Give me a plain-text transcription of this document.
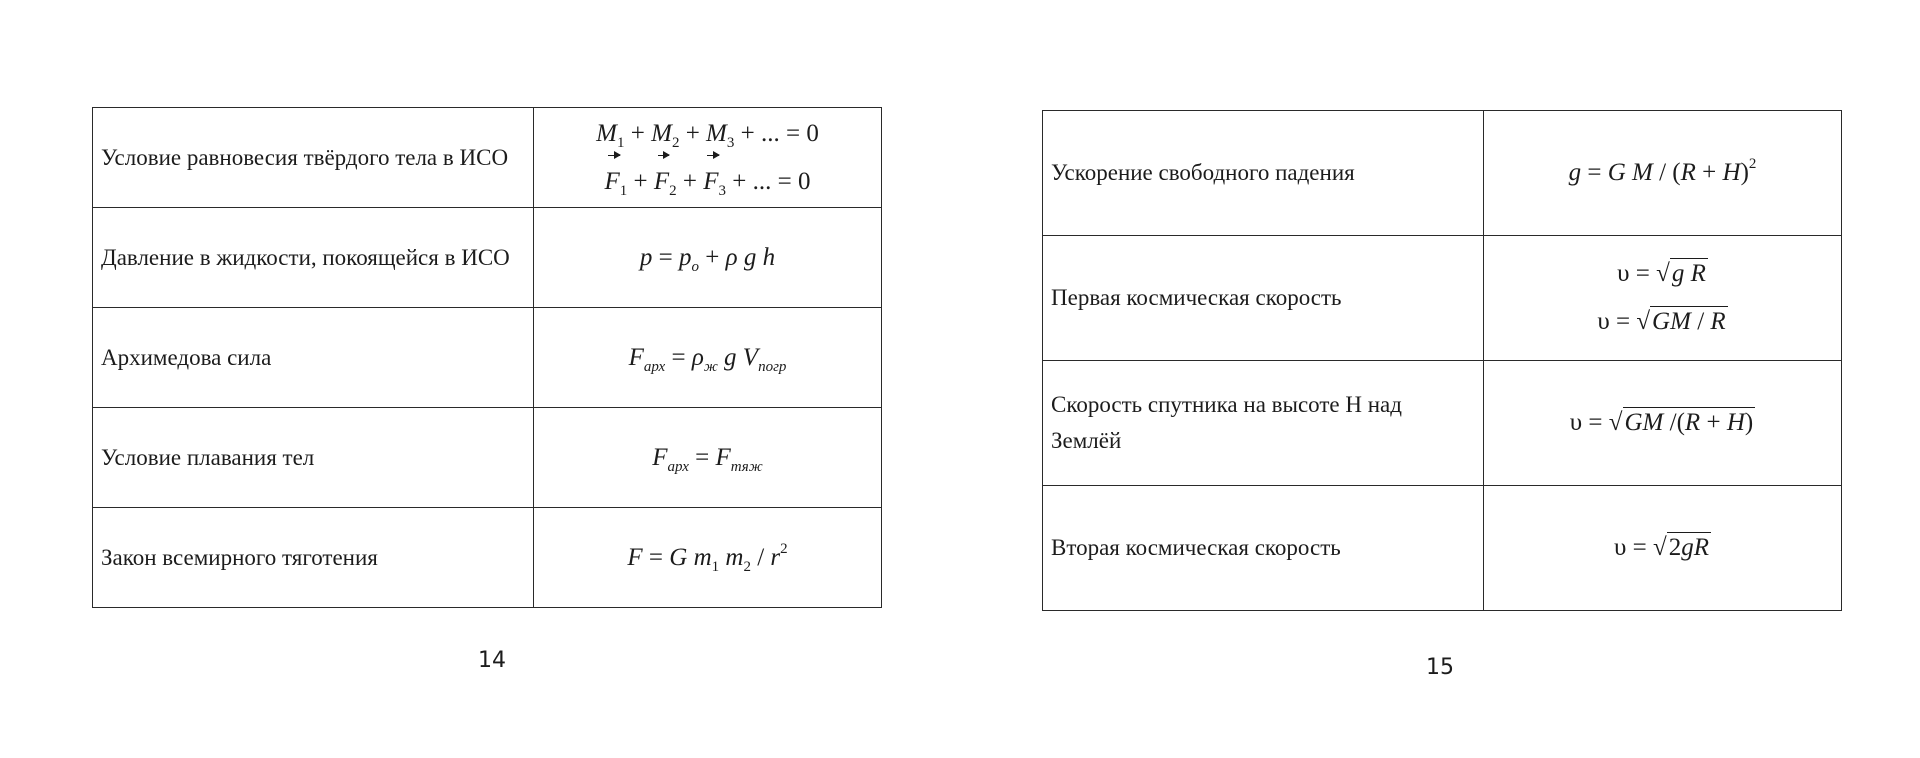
Условие равновесия твёрдого тела в ИСО	$M_1 + M_2 + M_3$ + ... = 0
$F_1 + F_2 + F_3$ + ... = 0

Давление в жидкости, покоящейся в ИСО	$p = p_o + \rho$ g h

Архимедова сила	$F_{арх} = \rho_ж$ g $V_{погр}$

Условие плавания тел	$F_{арх} = F_{тяж}$

Закон всемирного тяготения	F = G $m_1$ $m_2 / r^2$
14
Ускорение свободного падения	g = G $M / (R + H)^2$

Первая космическая скорость	υ = √g R
υ = √GM / R

Скорость спутника на высоте H над Землёй	υ = √GM /(R + H)

Вторая космическая скорость	υ = √2gR
15
